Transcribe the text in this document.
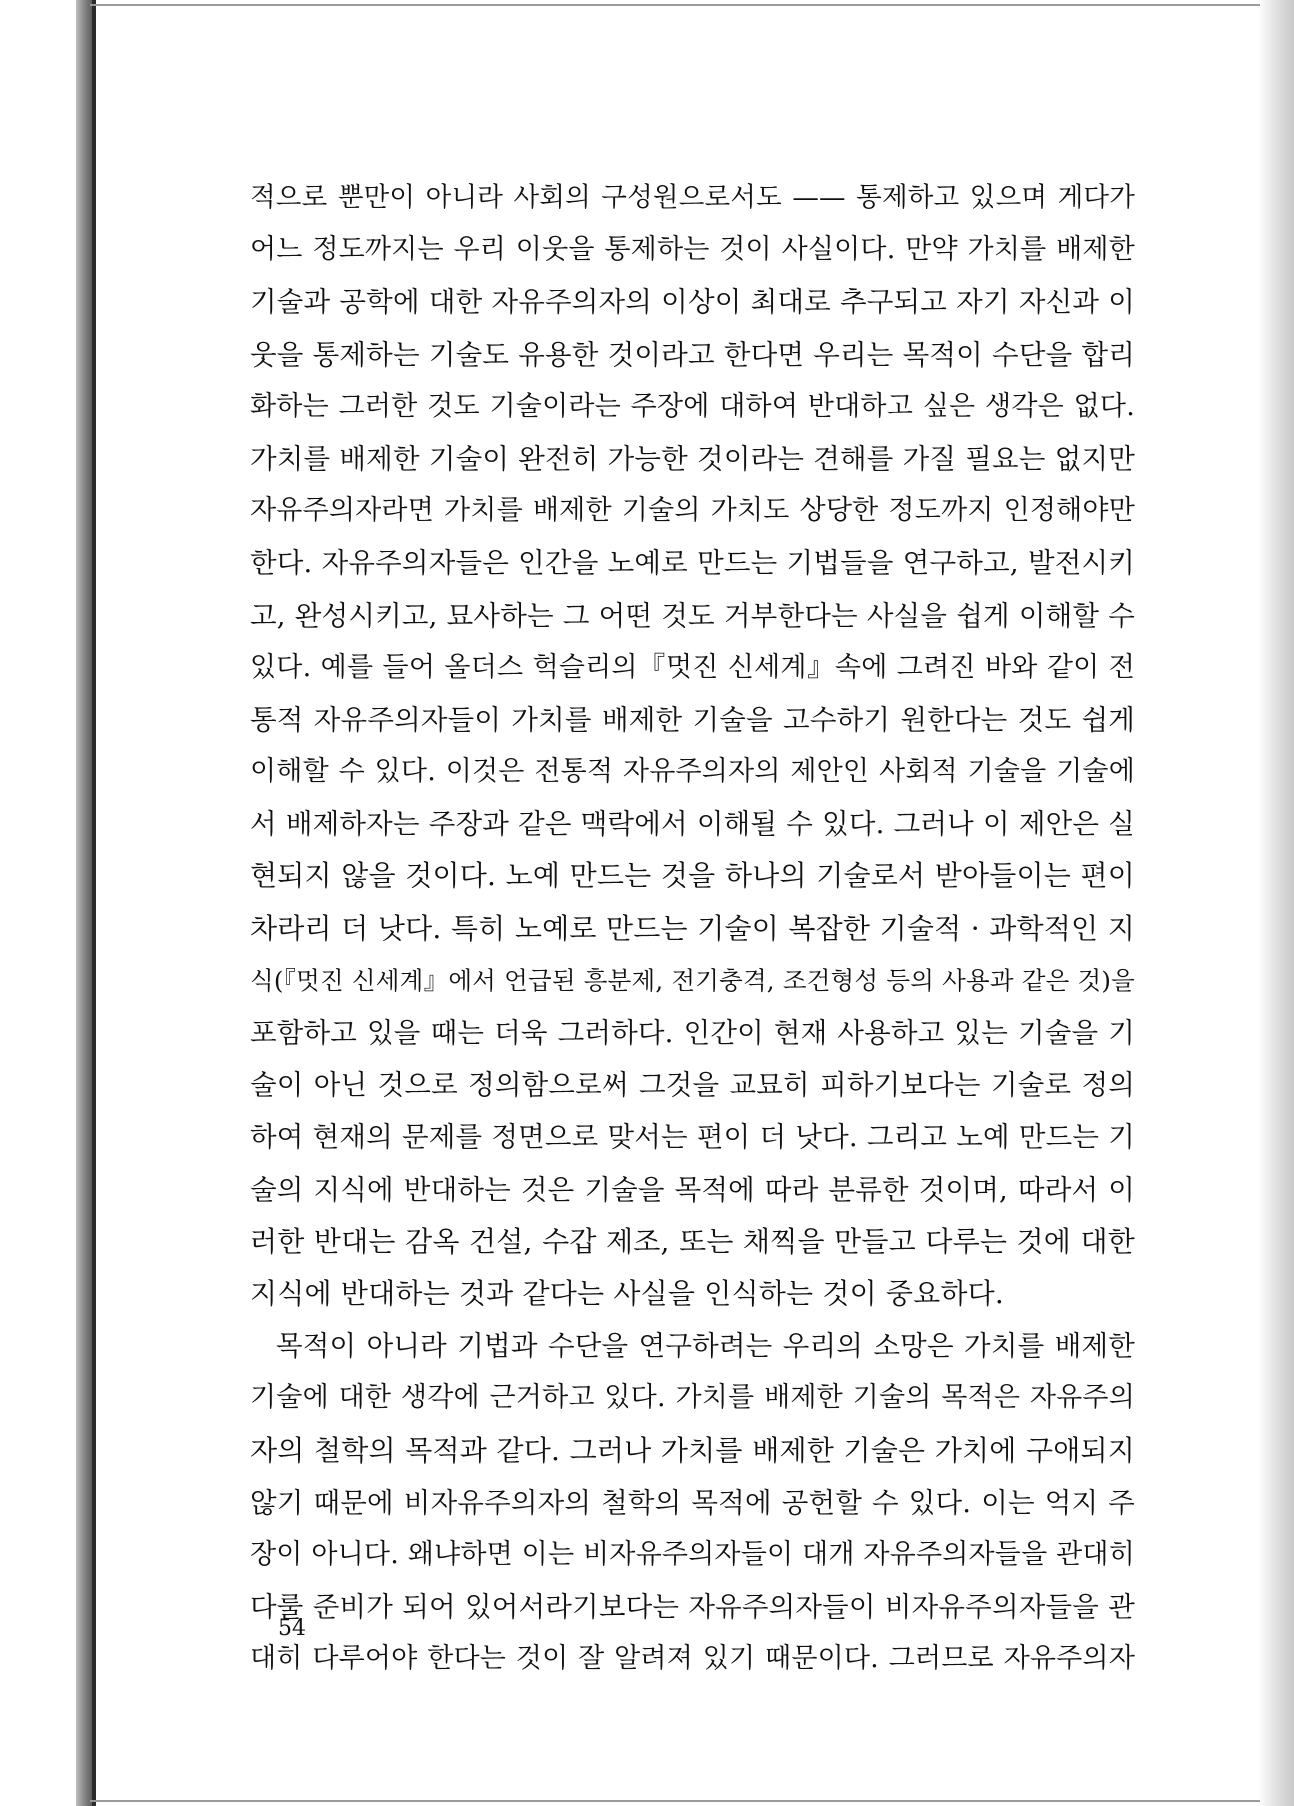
적으로 뿐만이 아니라 사회의 구성원으로서도 —— 통제하고 있으며 게다가
어느 정도까지는 우리 이웃을 통제하는 것이 사실이다. 만약 가치를 배제한
기술과 공학에 대한 자유주의자의 이상이 최대로 추구되고 자기 자신과 이
웃을 통제하는 기술도 유용한 것이라고 한다면 우리는 목적이 수단을 합리
화하는 그러한 것도 기술이라는 주장에 대하여 반대하고 싶은 생각은 없다.
가치를 배제한 기술이 완전히 가능한 것이라는 견해를 가질 필요는 없지만
자유주의자라면 가치를 배제한 기술의 가치도 상당한 정도까지 인정해야만
한다. 자유주의자들은 인간을 노예로 만드는 기법들을 연구하고, 발전시키
고, 완성시키고, 묘사하는 그 어떤 것도 거부한다는 사실을 쉽게 이해할 수
있다. 예를 들어 올더스 헉슬리의『멋진 신세계』속에 그려진 바와 같이 전
통적 자유주의자들이 가치를 배제한 기술을 고수하기 원한다는 것도 쉽게
이해할 수 있다. 이것은 전통적 자유주의자의 제안인 사회적 기술을 기술에
서 배제하자는 주장과 같은 맥락에서 이해될 수 있다. 그러나 이 제안은 실
현되지 않을 것이다. 노예 만드는 것을 하나의 기술로서 받아들이는 편이
차라리 더 낫다. 특히 노예로 만드는 기술이 복잡한 기술적 · 과학적인 지
식(『멋진 신세계』에서 언급된 흥분제, 전기충격, 조건형성 등의 사용과 같은 것)을
포함하고 있을 때는 더욱 그러하다. 인간이 현재 사용하고 있는 기술을 기
술이 아닌 것으로 정의함으로써 그것을 교묘히 피하기보다는 기술로 정의
하여 현재의 문제를 정면으로 맞서는 편이 더 낫다. 그리고 노예 만드는 기
술의 지식에 반대하는 것은 기술을 목적에 따라 분류한 것이며, 따라서 이
러한 반대는 감옥 건설, 수갑 제조, 또는 채찍을 만들고 다루는 것에 대한
지식에 반대하는 것과 같다는 사실을 인식하는 것이 중요하다.
목적이 아니라 기법과 수단을 연구하려는 우리의 소망은 가치를 배제한
기술에 대한 생각에 근거하고 있다. 가치를 배제한 기술의 목적은 자유주의
자의 철학의 목적과 같다. 그러나 가치를 배제한 기술은 가치에 구애되지
않기 때문에 비자유주의자의 철학의 목적에 공헌할 수 있다. 이는 억지 주
장이 아니다. 왜냐하면 이는 비자유주의자들이 대개 자유주의자들을 관대히
다룰 준비가 되어 있어서라기보다는 자유주의자들이 비자유주의자들을 관
대히 다루어야 한다는 것이 잘 알려져 있기 때문이다. 그러므로 자유주의자
54
